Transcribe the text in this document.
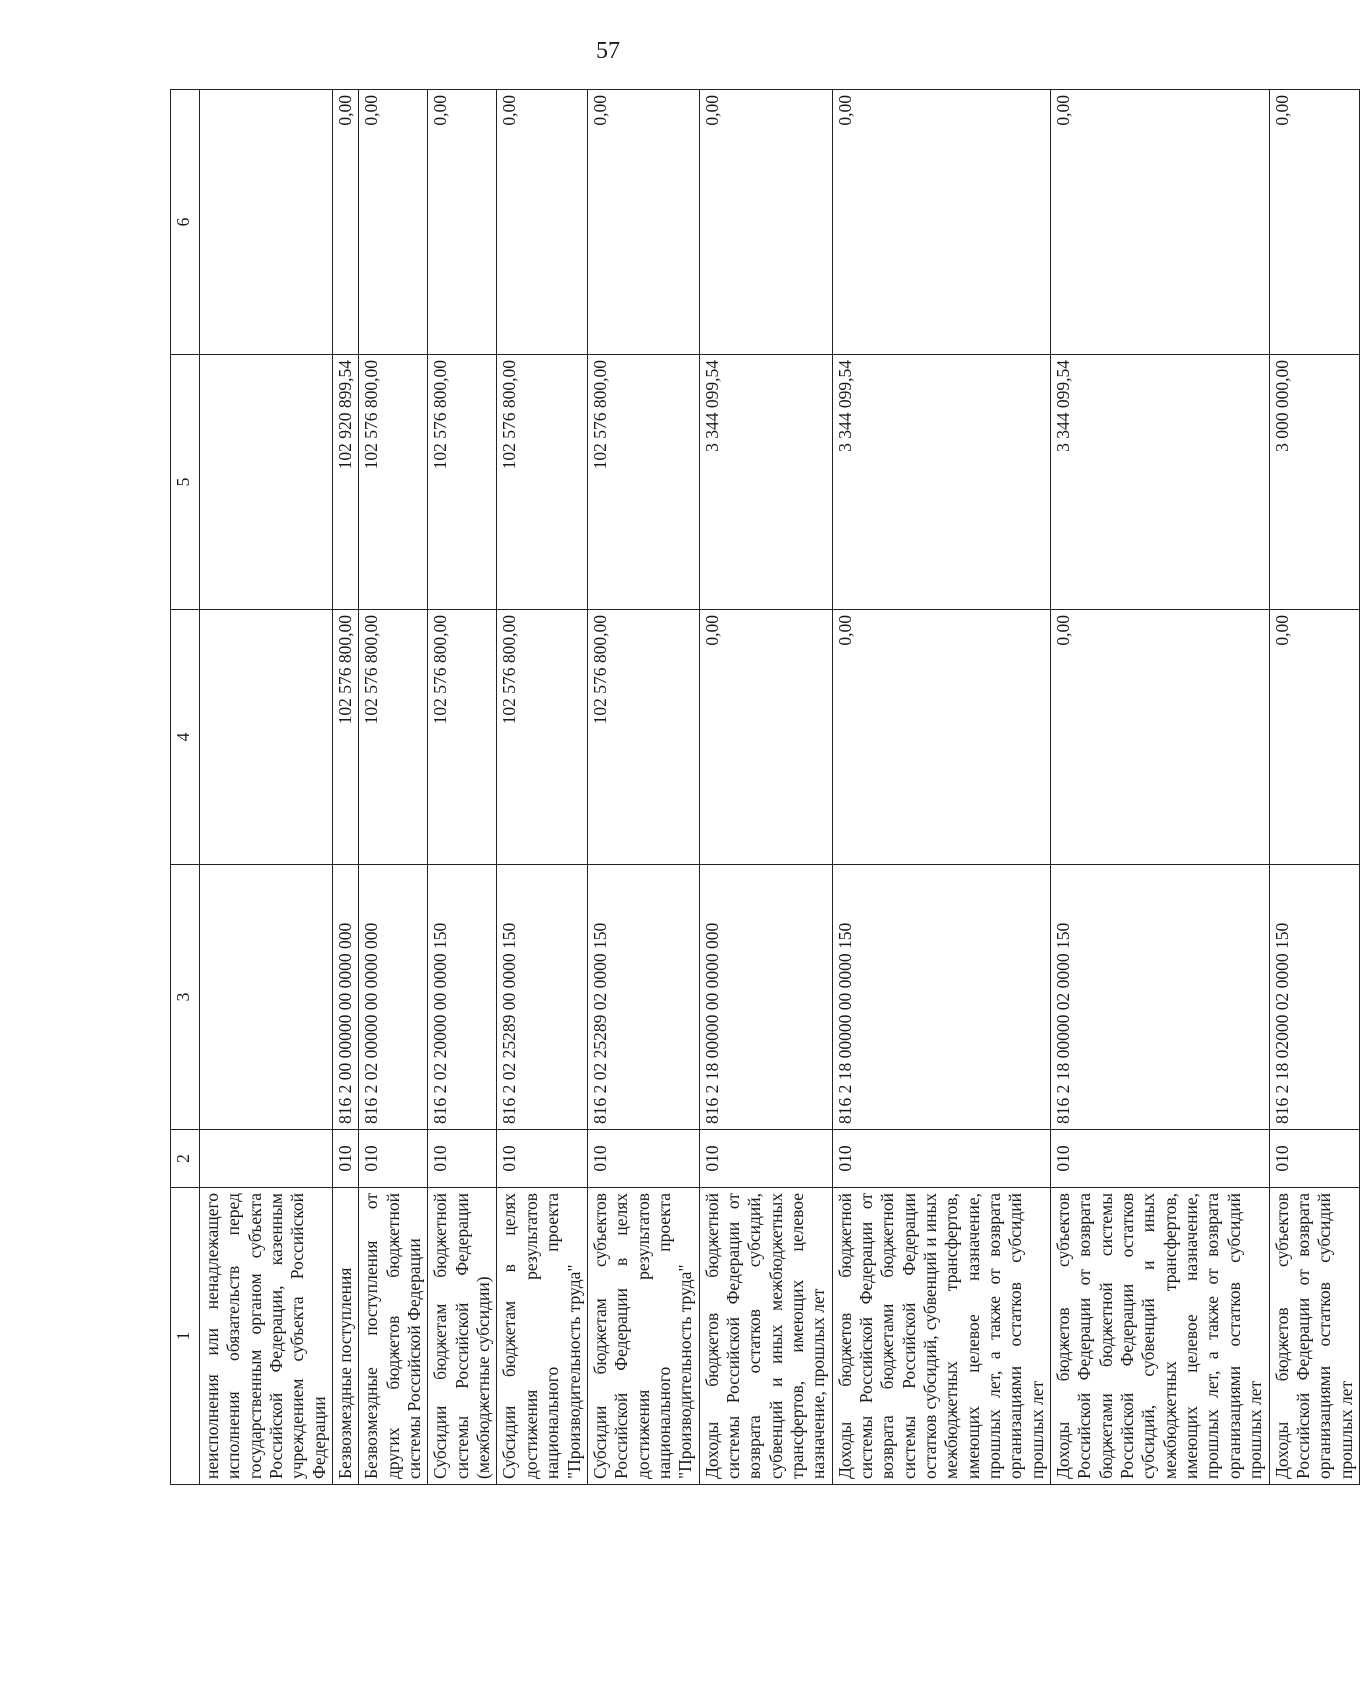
57
1	2	3	4	5	6
неисполнения или ненадлежащего исполнения обязательств перед государственным органом субъекта Российской Федерации, казенным учреждением субъекта Российской Федерации					
Безвозмездные поступления	010	816 2 00 00000 00 0000 000	102 576 800,00	102 920 899,54	0,00
Безвозмездные поступления от других бюджетов бюджетной системы Российской Федерации	010	816 2 02 00000 00 0000 000	102 576 800,00	102 576 800,00	0,00
Субсидии бюджетам бюджетной системы Российской Федерации (межбюджетные субсидии)	010	816 2 02 20000 00 0000 150	102 576 800,00	102 576 800,00	0,00
Субсидии бюджетам в целях достижения результатов национального проекта "Производительность труда"	010	816 2 02 25289 00 0000 150	102 576 800,00	102 576 800,00	0,00
Субсидии бюджетам субъектов Российской Федерации в целях достижения результатов национального проекта "Производительность труда"	010	816 2 02 25289 02 0000 150	102 576 800,00	102 576 800,00	0,00
Доходы бюджетов бюджетной системы Российской Федерации от возврата остатков субсидий, субвенций и иных межбюджетных трансфертов, имеющих целевое назначение, прошлых лет	010	816 2 18 00000 00 0000 000	0,00	3 344 099,54	0,00
Доходы бюджетов бюджетной системы Российской Федерации от возврата бюджетами бюджетной системы Российской Федерации остатков субсидий, субвенций и иных межбюджетных трансфертов, имеющих целевое назначение, прошлых лет, а также от возврата организациями остатков субсидий прошлых лет	010	816 2 18 00000 00 0000 150	0,00	3 344 099,54	0,00
Доходы бюджетов субъектов Российской Федерации от возврата бюджетами бюджетной системы Российской Федерации остатков субсидий, субвенций и иных межбюджетных трансфертов, имеющих целевое назначение, прошлых лет, а также от возврата организациями остатков субсидий прошлых лет	010	816 2 18 00000 02 0000 150	0,00	3 344 099,54	0,00
Доходы бюджетов субъектов Российской Федерации от возврата организациями остатков субсидий прошлых лет	010	816 2 18 02000 02 0000 150	0,00	3 000 000,00	0,00
